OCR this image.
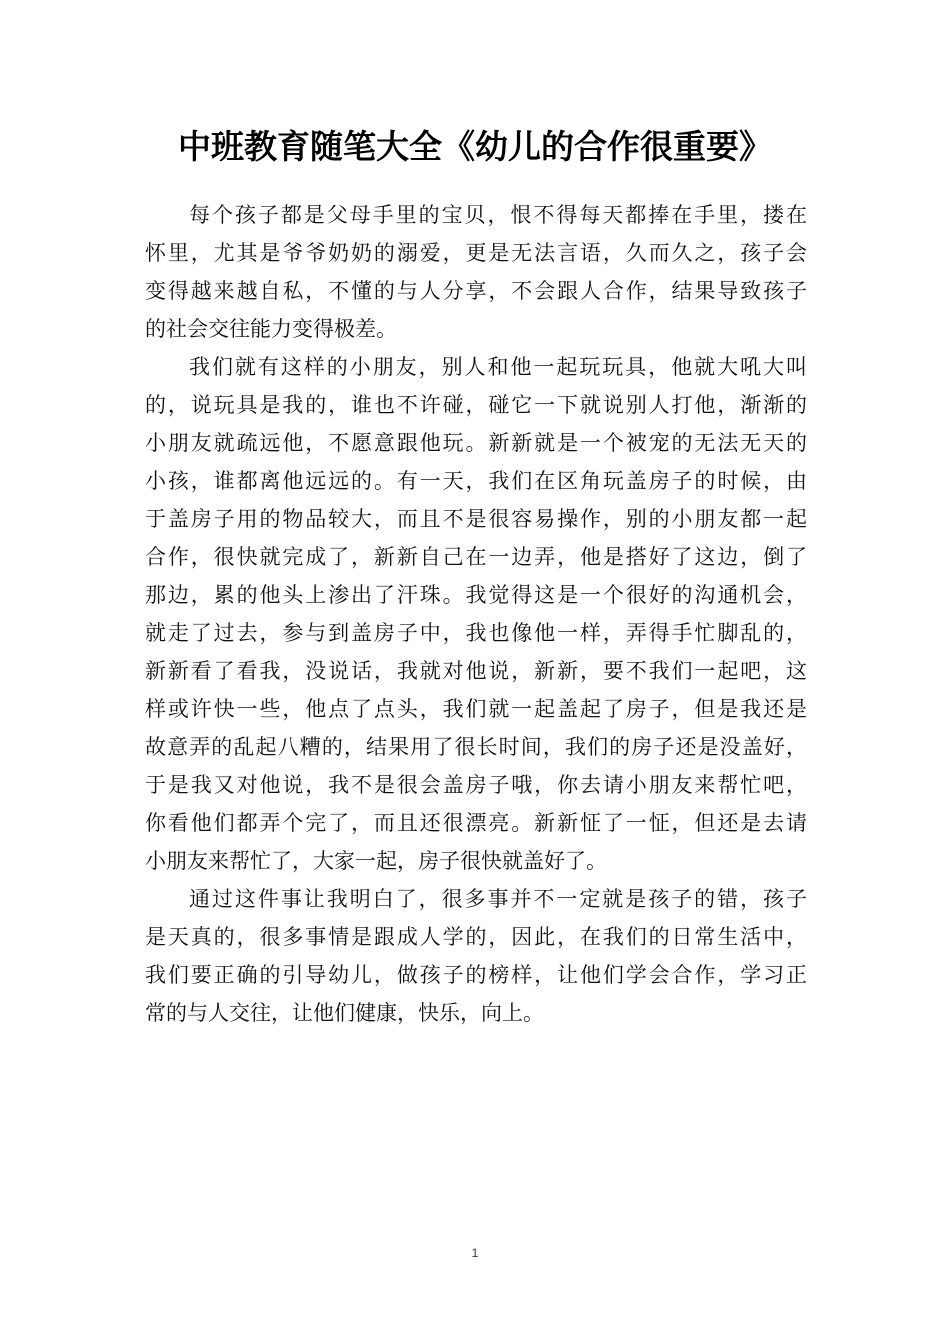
中班教育随笔大全《幼儿的合作很重要》
每个孩子都是父母手里的宝贝，恨不得每天都捧在手里，搂在
怀里，尤其是爷爷奶奶的溺爱，更是无法言语，久而久之，孩子会
变得越来越自私，不懂的与人分享，不会跟人合作，结果导致孩子
的社会交往能力变得极差。
我们就有这样的小朋友，别人和他一起玩玩具，他就大吼大叫
的，说玩具是我的，谁也不许碰，碰它一下就说别人打他，渐渐的
小朋友就疏远他，不愿意跟他玩。新新就是一个被宠的无法无天的
小孩，谁都离他远远的。有一天，我们在区角玩盖房子的时候，由
于盖房子用的物品较大，而且不是很容易操作，别的小朋友都一起
合作，很快就完成了，新新自己在一边弄，他是搭好了这边，倒了
那边，累的他头上渗出了汗珠。我觉得这是一个很好的沟通机会，
就走了过去，参与到盖房子中，我也像他一样，弄得手忙脚乱的，
新新看了看我，没说话，我就对他说，新新，要不我们一起吧，这
样或许快一些，他点了点头，我们就一起盖起了房子，但是我还是
故意弄的乱起八糟的，结果用了很长时间，我们的房子还是没盖好，
于是我又对他说，我不是很会盖房子哦，你去请小朋友来帮忙吧，
你看他们都弄个完了，而且还很漂亮。新新怔了一怔，但还是去请
小朋友来帮忙了，大家一起，房子很快就盖好了。
通过这件事让我明白了，很多事并不一定就是孩子的错，孩子
是天真的，很多事情是跟成人学的，因此，在我们的日常生活中，
我们要正确的引导幼儿，做孩子的榜样，让他们学会合作，学习正
常的与人交往，让他们健康，快乐，向上。
1
